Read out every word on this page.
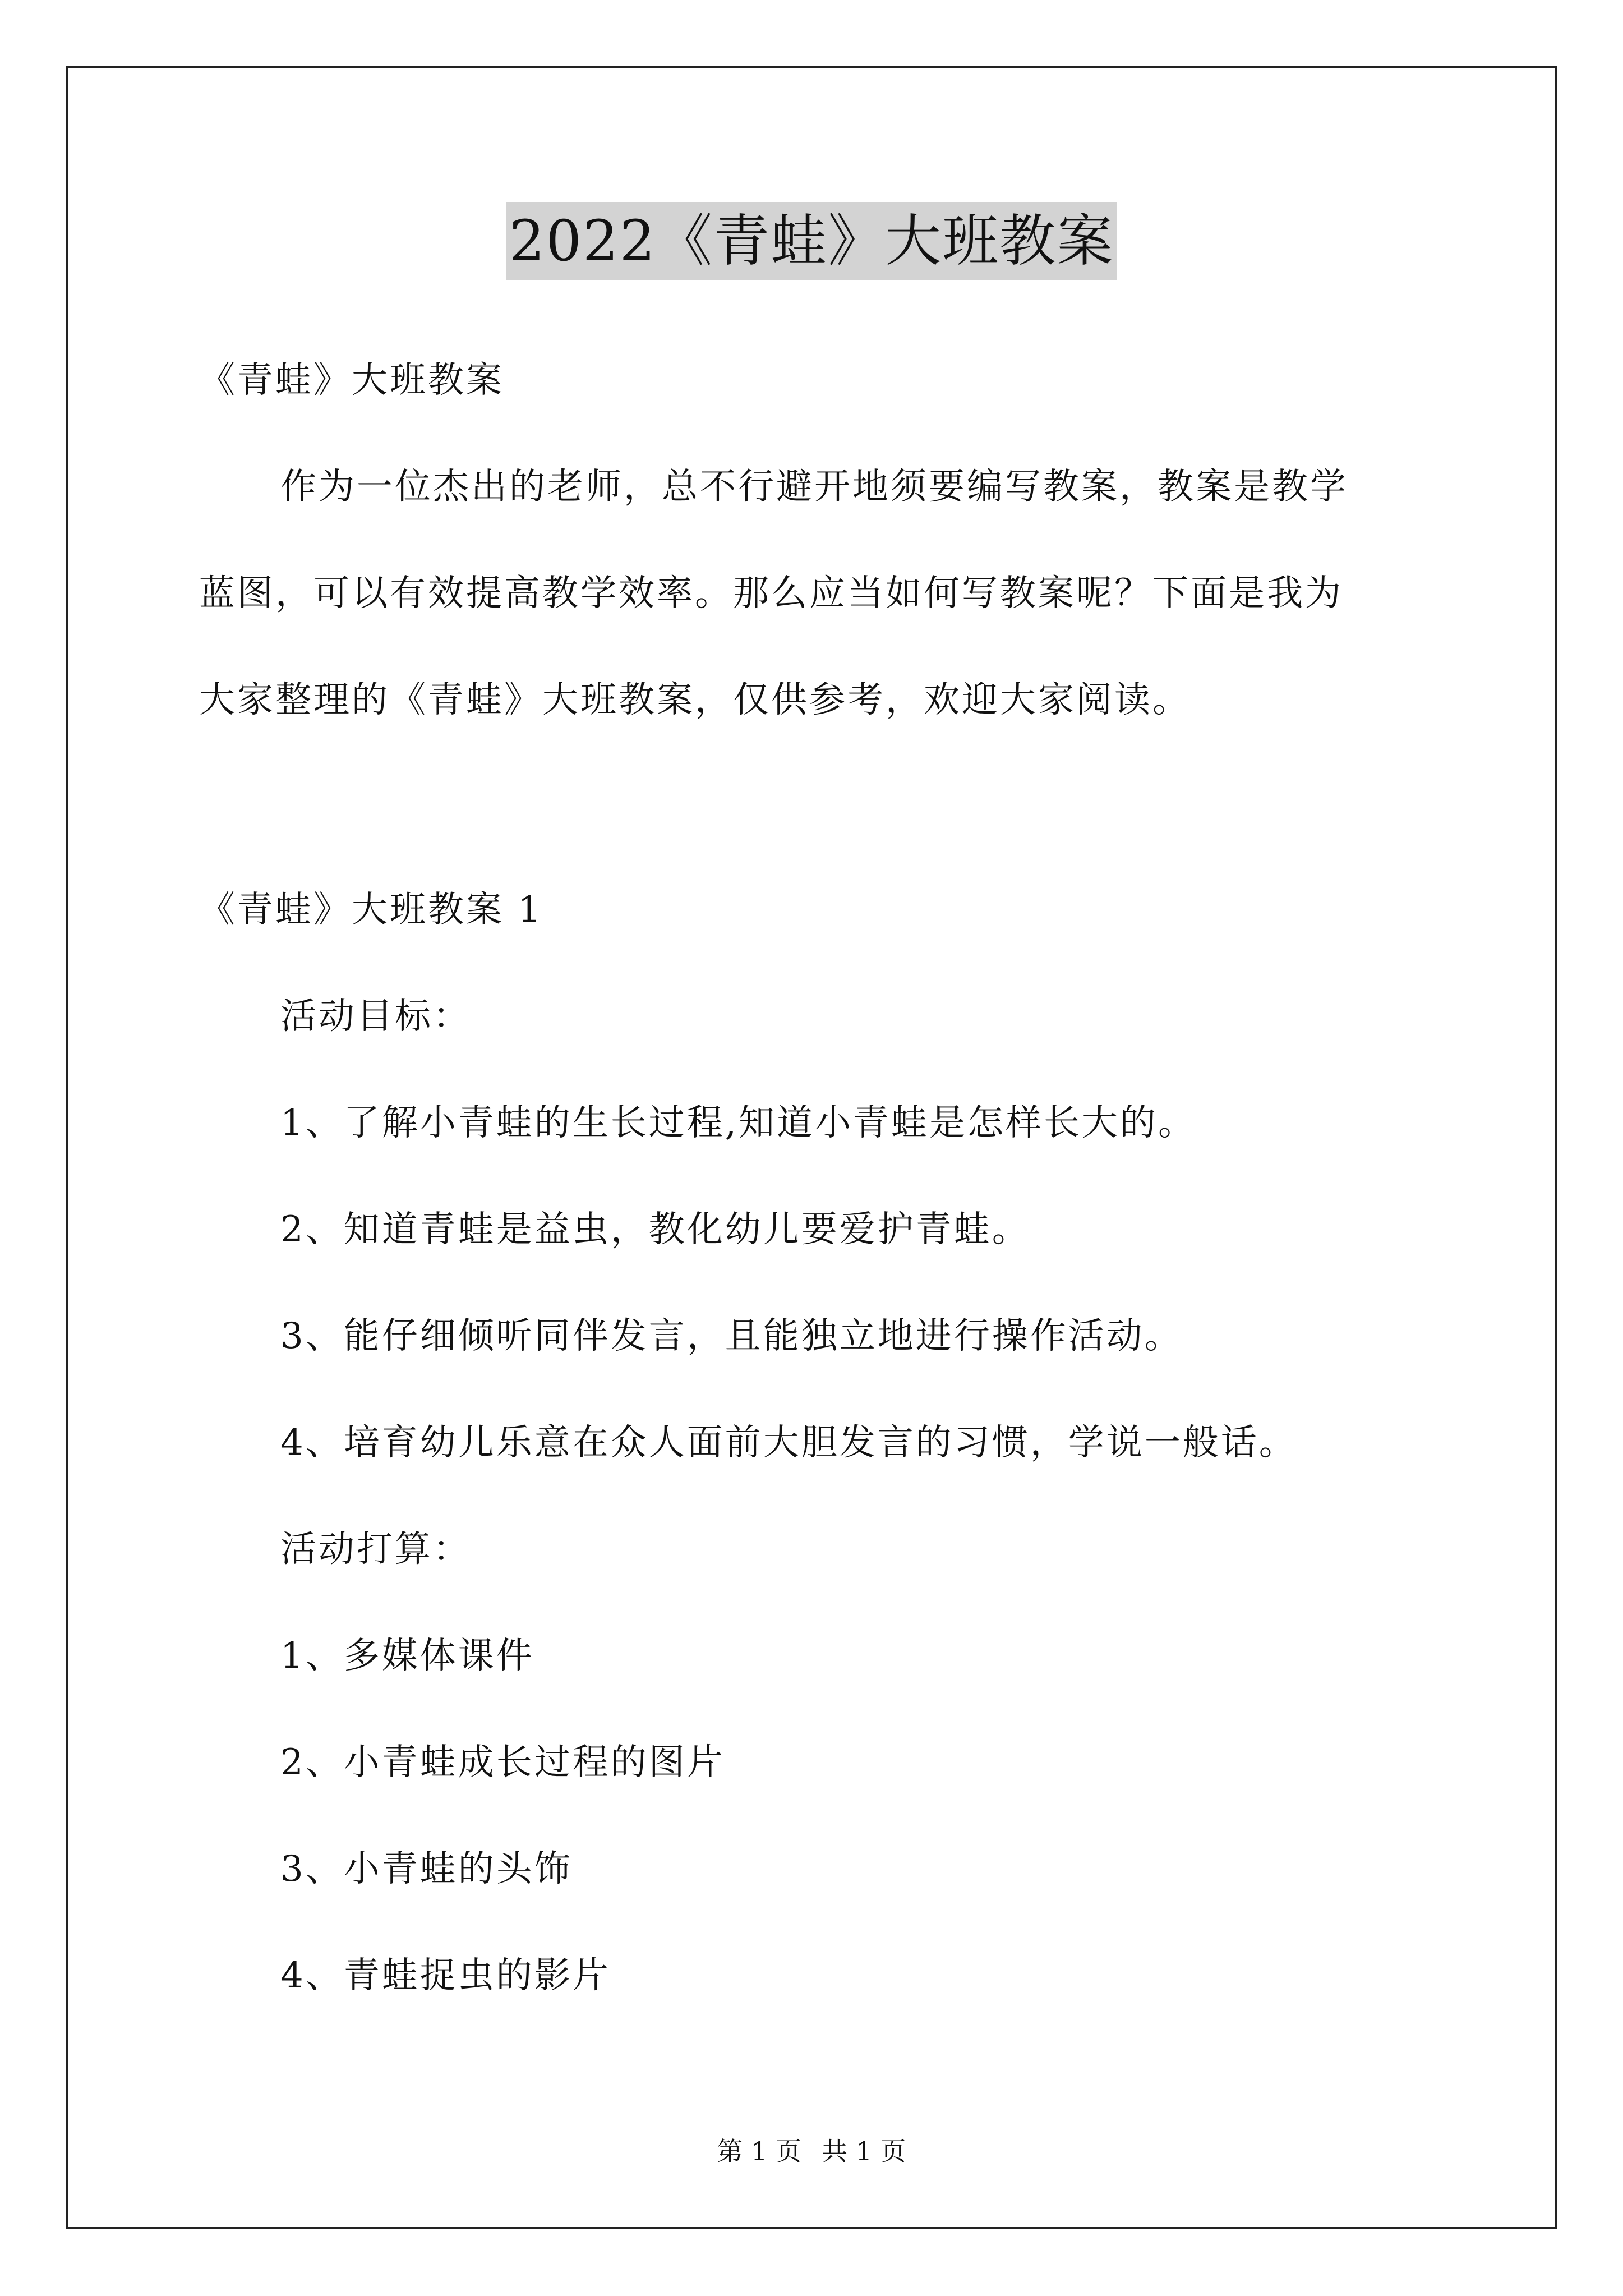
2022《青蛙》大班教案
《青蛙》大班教案
作为一位杰出的老师，总不行避开地须要编写教案，教案是教学
蓝图，可以有效提高教学效率。那么应当如何写教案呢？下面是我为
大家整理的《青蛙》大班教案，仅供参考，欢迎大家阅读。
《青蛙》大班教案 1
活动目标：
1、了解小青蛙的生长过程,知道小青蛙是怎样长大的。
2、知道青蛙是益虫，教化幼儿要爱护青蛙。
3、能仔细倾听同伴发言，且能独立地进行操作活动。
4、培育幼儿乐意在众人面前大胆发言的习惯，学说一般话。
活动打算：
1、多媒体课件
2、小青蛙成长过程的图片
3、小青蛙的头饰
4、青蛙捉虫的影片
第 1 页 共 1 页
